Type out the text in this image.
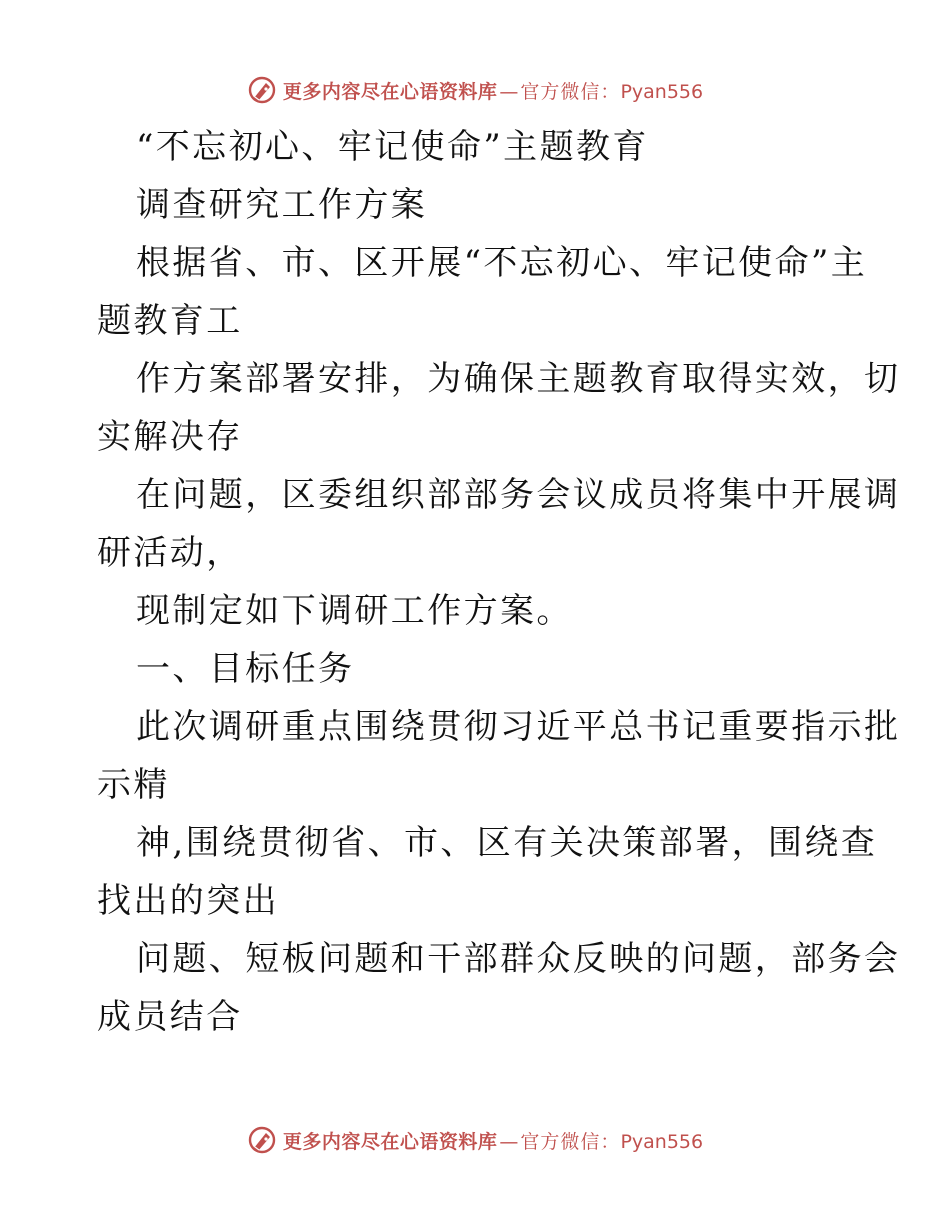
更多内容尽在心语资料库 — 官方微信：Pyan556
“不忘初心、牢记使命”主题教育
调查研究工作方案
根据省、市、区开展“不忘初心、牢记使命”主
题教育工
作方案部署安排，为确保主题教育取得实效，切
实解决存
在问题，区委组织部部务会议成员将集中开展调
研活动，
现制定如下调研工作方案。
一、目标任务
此次调研重点围绕贯彻习近平总书记重要指示批
示精
神,围绕贯彻省、市、区有关决策部署，围绕查
找出的突出
问题、短板问题和干部群众反映的问题，部务会
成员结合
更多内容尽在心语资料库 — 官方微信：Pyan556
